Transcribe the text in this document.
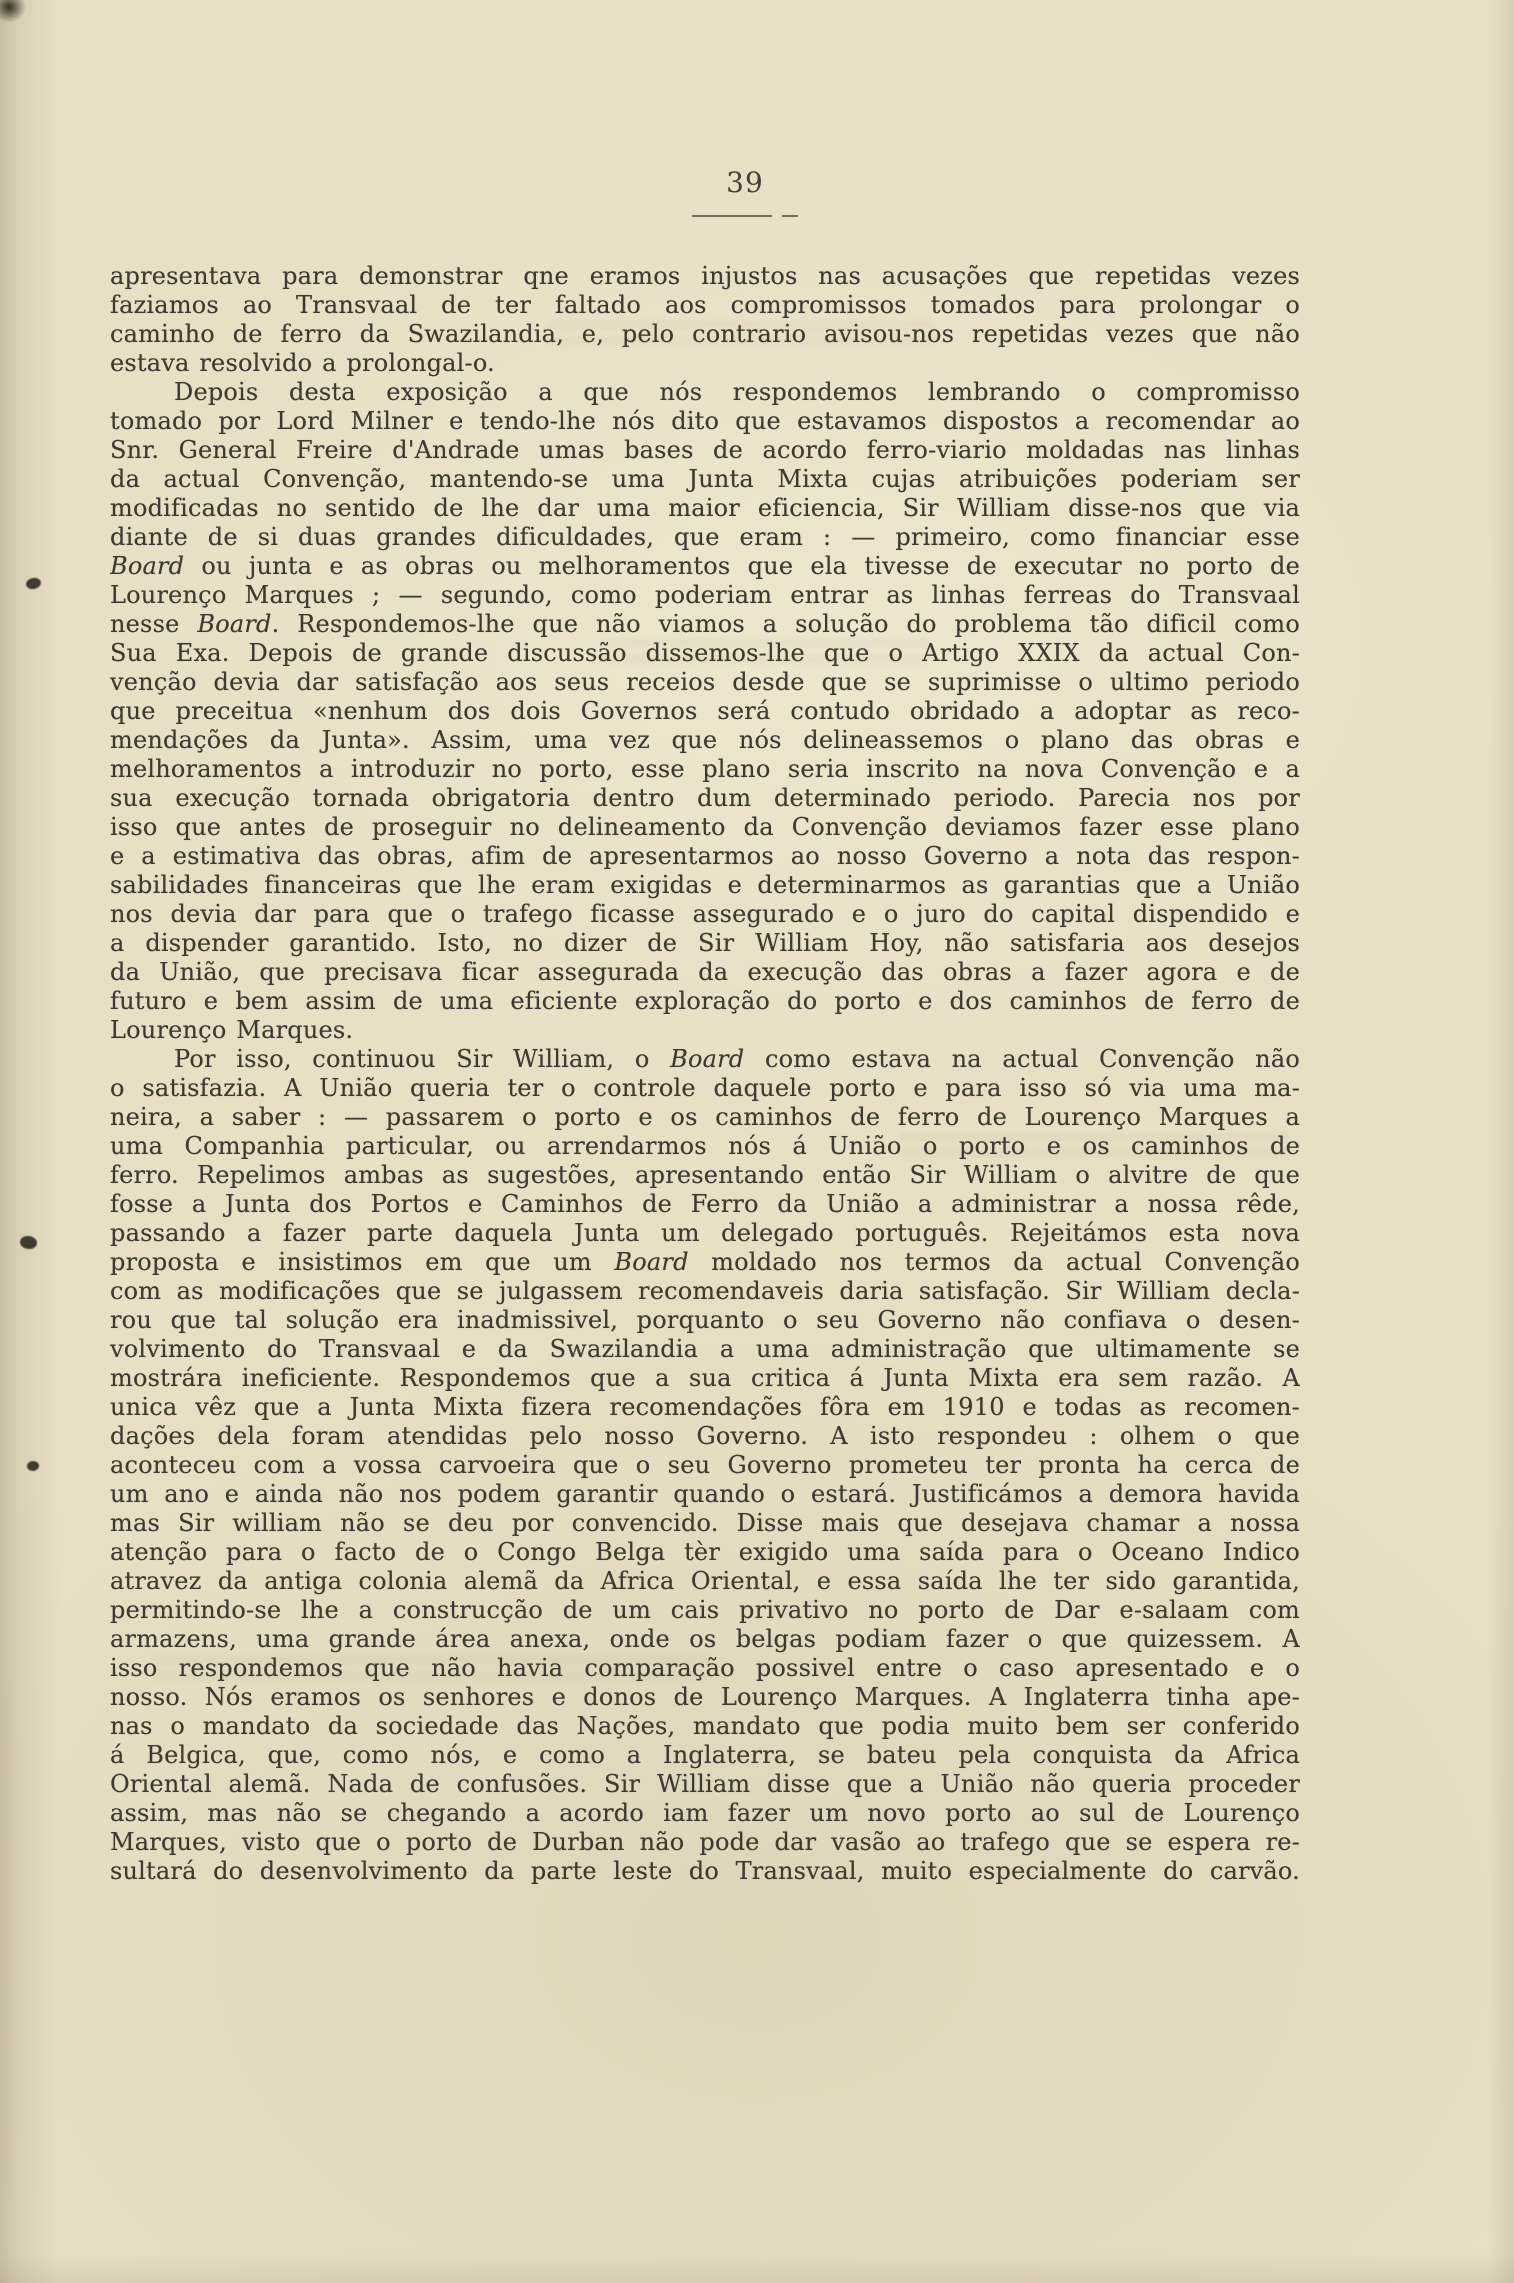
39
apresentava para demonstrar qne eramos injustos nas acusações que repetidas vezes
faziamos ao Transvaal de ter faltado aos compromissos tomados para prolongar o
caminho de ferro da Swazilandia, e, pelo contrario avisou-nos repetidas vezes que não
estava resolvido a prolongal-o.
Depois desta exposição a que nós respondemos lembrando o compromisso
tomado por Lord Milner e tendo-lhe nós dito que estavamos dispostos a recomendar ao
Snr. General Freire d'Andrade umas bases de acordo ferro-viario moldadas nas linhas
da actual Convenção, mantendo-se uma Junta Mixta cujas atribuições poderiam ser
modificadas no sentido de lhe dar uma maior eficiencia, Sir William disse-nos que via
diante de si duas grandes dificuldades, que eram : — primeiro, como financiar esse
Board ou junta e as obras ou melhoramentos que ela tivesse de executar no porto de
Lourenço Marques ; — segundo, como poderiam entrar as linhas ferreas do Transvaal
nesse Board. Respondemos-lhe que não viamos a solução do problema tão dificil como
Sua Exa. Depois de grande discussão dissemos-lhe que o Artigo XXIX da actual Con-
venção devia dar satisfação aos seus receios desde que se suprimisse o ultimo periodo
que preceitua «nenhum dos dois Governos será contudo obridado a adoptar as reco-
mendações da Junta». Assim, uma vez que nós delineassemos o plano das obras e
melhoramentos a introduzir no porto, esse plano seria inscrito na nova Convenção e a
sua execução tornada obrigatoria dentro dum determinado periodo. Parecia nos por
isso que antes de proseguir no delineamento da Convenção deviamos fazer esse plano
e a estimativa das obras, afim de apresentarmos ao nosso Governo a nota das respon-
sabilidades financeiras que lhe eram exigidas e determinarmos as garantias que a União
nos devia dar para que o trafego ficasse assegurado e o juro do capital dispendido e
a dispender garantido. Isto, no dizer de Sir William Hoy, não satisfaria aos desejos
da União, que precisava ficar assegurada da execução das obras a fazer agora e de
futuro e bem assim de uma eficiente exploração do porto e dos caminhos de ferro de
Lourenço Marques.
Por isso, continuou Sir William, o Board como estava na actual Convenção não
o satisfazia. A União queria ter o controle daquele porto e para isso só via uma ma-
neira, a saber : — passarem o porto e os caminhos de ferro de Lourenço Marques a
uma Companhia particular, ou arrendarmos nós á União o porto e os caminhos de
ferro. Repelimos ambas as sugestões, apresentando então Sir William o alvitre de que
fosse a Junta dos Portos e Caminhos de Ferro da União a administrar a nossa rêde,
passando a fazer parte daquela Junta um delegado português. Rejeitámos esta nova
proposta e insistimos em que um Board moldado nos termos da actual Convenção
com as modificações que se julgassem recomendaveis daria satisfação. Sir William decla-
rou que tal solução era inadmissivel, porquanto o seu Governo não confiava o desen-
volvimento do Transvaal e da Swazilandia a uma administração que ultimamente se
mostrára ineficiente. Respondemos que a sua critica á Junta Mixta era sem razão. A
unica vêz que a Junta Mixta fizera recomendações fôra em 1910 e todas as recomen-
dações dela foram atendidas pelo nosso Governo. A isto respondeu : olhem o que
aconteceu com a vossa carvoeira que o seu Governo prometeu ter pronta ha cerca de
um ano e ainda não nos podem garantir quando o estará. Justificámos a demora havida
mas Sir william não se deu por convencido. Disse mais que desejava chamar a nossa
atenção para o facto de o Congo Belga tèr exigido uma saída para o Oceano Indico
atravez da antiga colonia alemã da Africa Oriental, e essa saída lhe ter sido garantida,
permitindo-se lhe a construcção de um cais privativo no porto de Dar e-salaam com
armazens, uma grande área anexa, onde os belgas podiam fazer o que quizessem. A
isso respondemos que não havia comparação possivel entre o caso apresentado e o
nosso. Nós eramos os senhores e donos de Lourenço Marques. A Inglaterra tinha ape-
nas o mandato da sociedade das Nações, mandato que podia muito bem ser conferido
á Belgica, que, como nós, e como a Inglaterra, se bateu pela conquista da Africa
Oriental alemã. Nada de confusões. Sir William disse que a União não queria proceder
assim, mas não se chegando a acordo iam fazer um novo porto ao sul de Lourenço
Marques, visto que o porto de Durban não pode dar vasão ao trafego que se espera re-
sultará do desenvolvimento da parte leste do Transvaal, muito especialmente do carvão.
